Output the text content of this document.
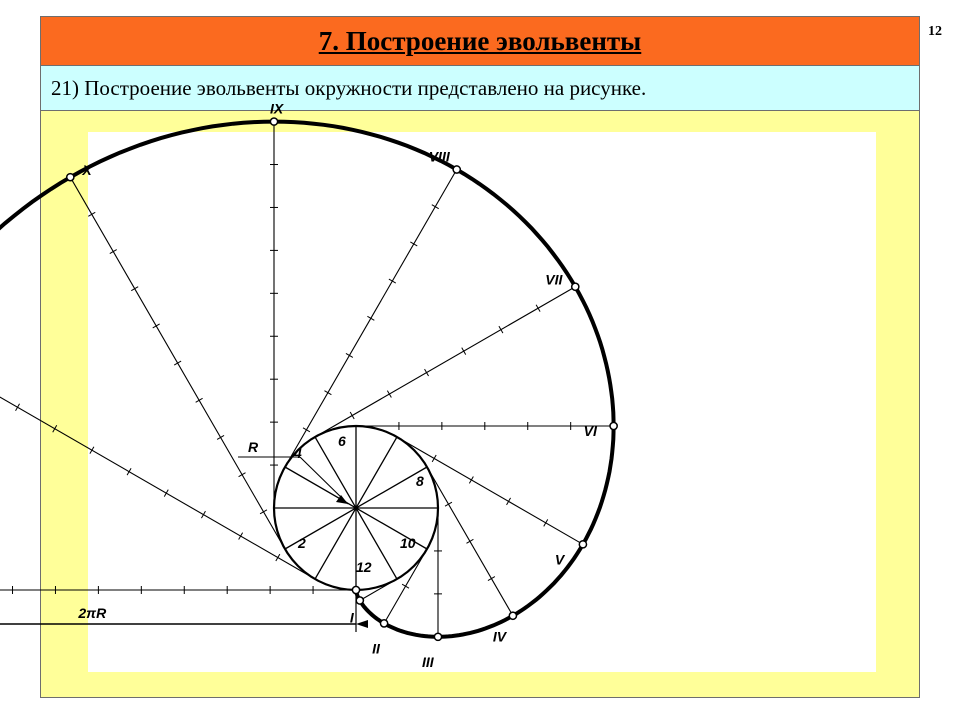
12
7. Построение эвольвенты
21) Построение эвольвенты окружности представлено на рисунке.
I
II
III
IV
V
VI
VII
VIII
IX
X
2πR
2
4
6
8
10
12
R
